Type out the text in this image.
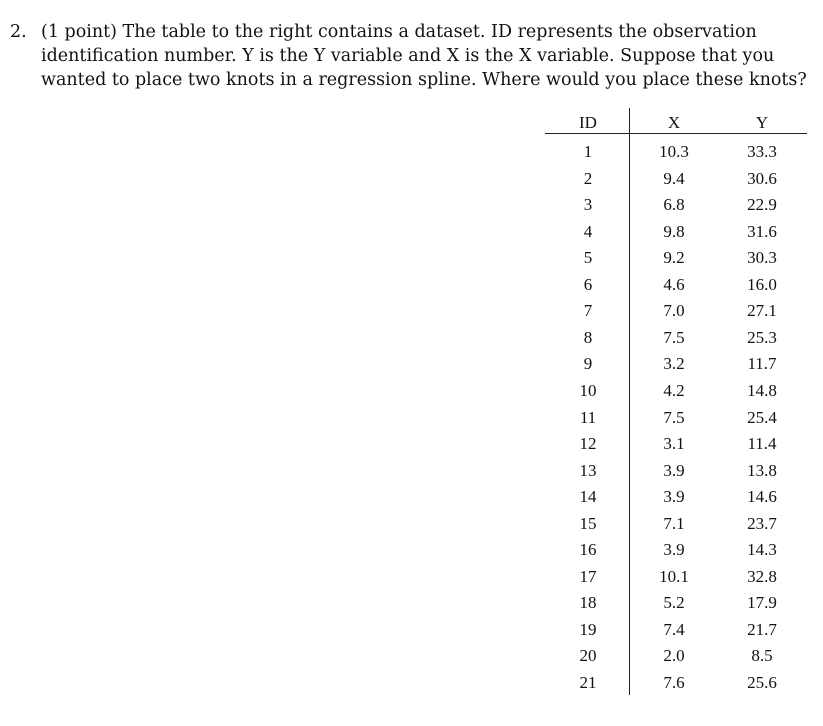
2. (1 point) The table to the right contains a dataset. ID represents the observation identification number. Y is the Y variable and X is the X variable. Suppose that you wanted to place two knots in a regression spline. Where would you place these knots?
ID	X	Y
1	10.3	33.3
2	9.4	30.6
3	6.8	22.9
4	9.8	31.6
5	9.2	30.3
6	4.6	16.0
7	7.0	27.1
8	7.5	25.3
9	3.2	11.7
10	4.2	14.8
11	7.5	25.4
12	3.1	11.4
13	3.9	13.8
14	3.9	14.6
15	7.1	23.7
16	3.9	14.3
17	10.1	32.8
18	5.2	17.9
19	7.4	21.7
20	2.0	8.5
21	7.6	25.6
